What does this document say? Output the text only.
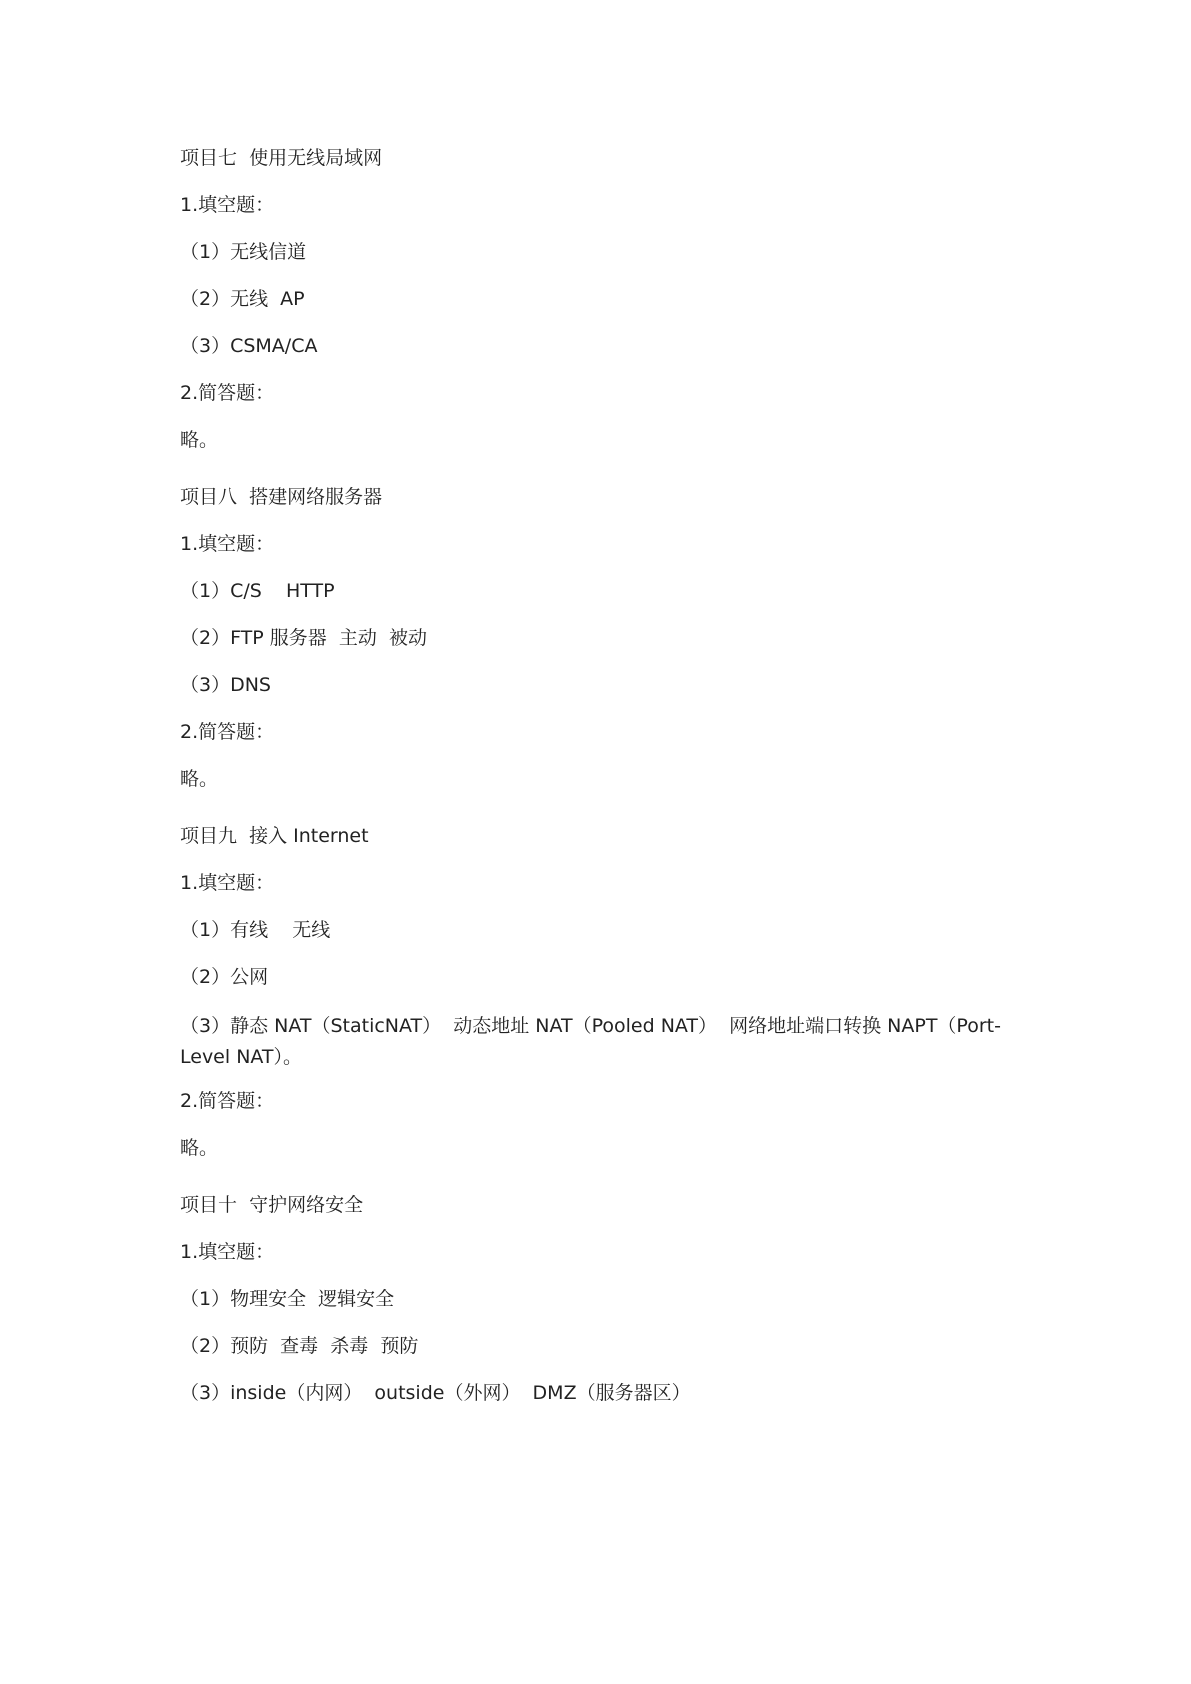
项目七  使用无线局域网

1.填空题：

（1）无线信道

（2）无线  AP

（3）CSMA/CA

2.简答题：

略。

项目八  搭建网络服务器

1.填空题：

（1）C/S    HTTP

（2）FTP 服务器  主动  被动

（3）DNS

2.简答题：

略。

项目九  接入 Internet

1.填空题：

（1）有线    无线

（2）公网

（3）静态 NAT（StaticNAT）  动态地址 NAT（Pooled NAT）  网络地址端口转换 NAPT（Port-Level NAT）。

2.简答题：

略。

项目十  守护网络安全

1.填空题：

（1）物理安全  逻辑安全

（2）预防  查毒  杀毒  预防

（3）inside（内网）  outside（外网）  DMZ（服务器区）
